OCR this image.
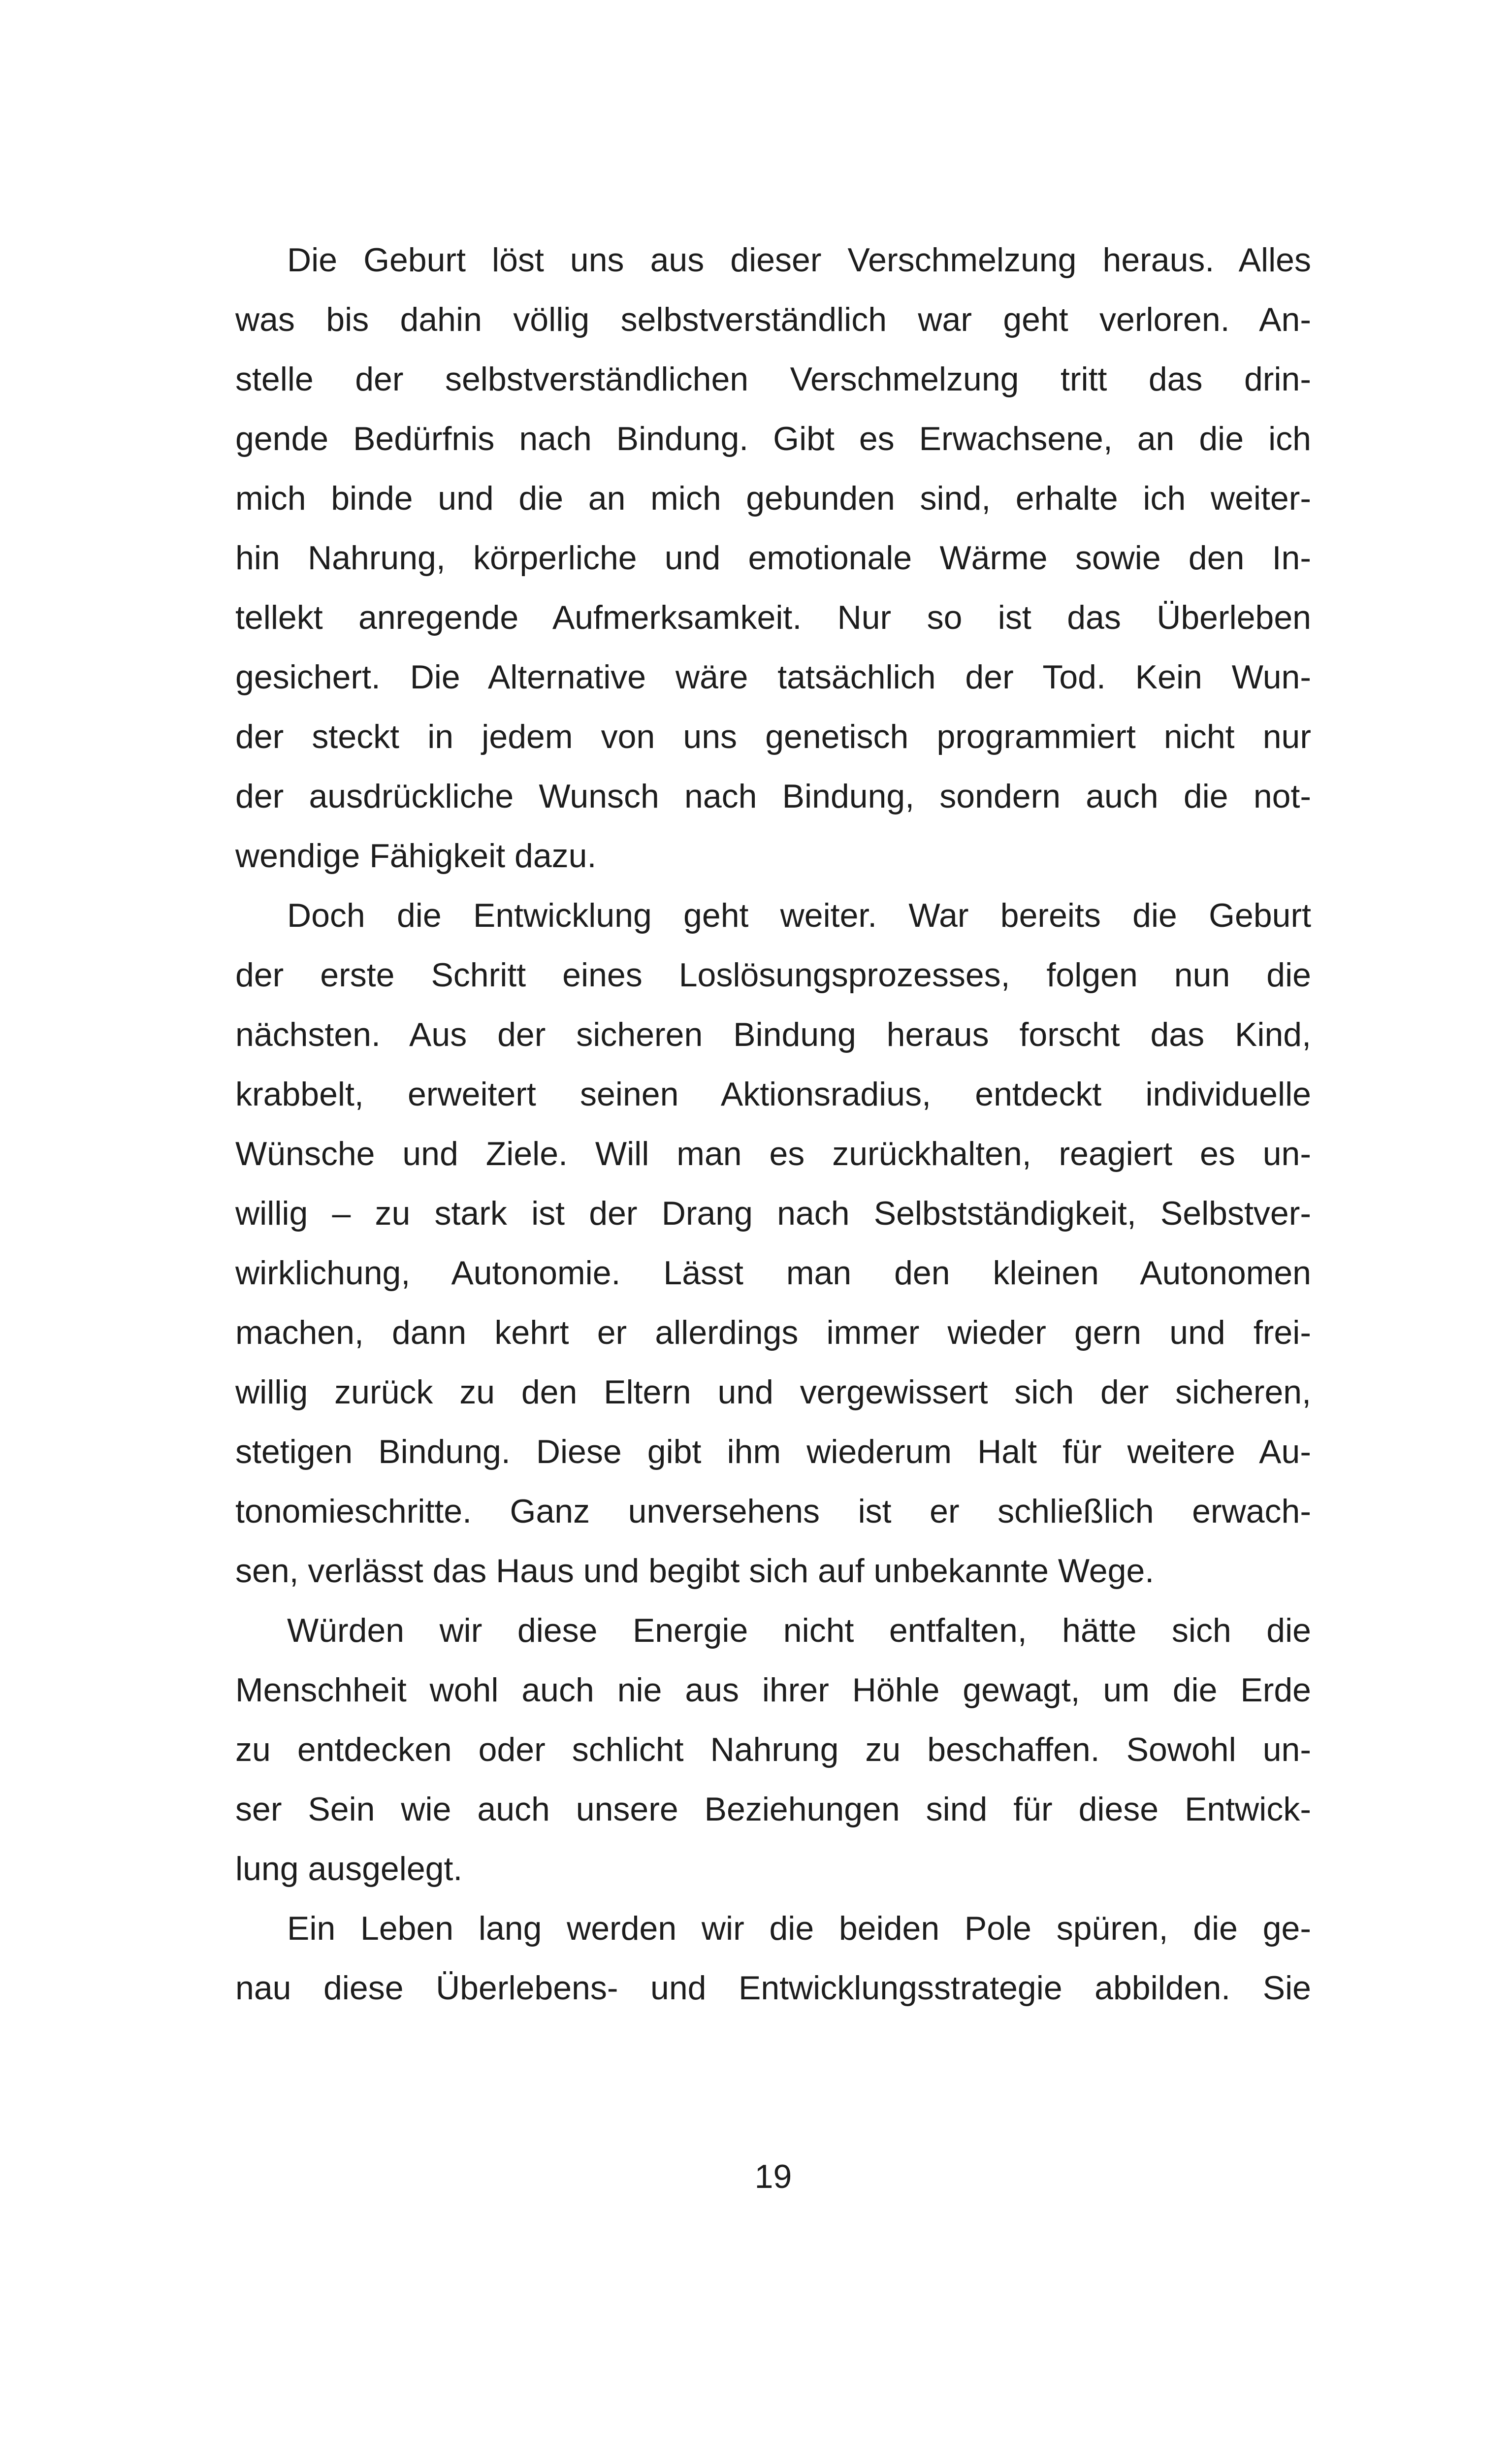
Die Geburt löst uns aus dieser Verschmelzung heraus. Alles
was bis dahin völlig selbstverständlich war geht verloren. An-
stelle der selbstverständlichen Verschmelzung tritt das drin-
gende Bedürfnis nach Bindung. Gibt es Erwachsene, an die ich
mich binde und die an mich gebunden sind, erhalte ich weiter-
hin Nahrung, körperliche und emotionale Wärme sowie den In-
tellekt anregende Aufmerksamkeit. Nur so ist das Überleben
gesichert. Die Alternative wäre tatsächlich der Tod. Kein Wun-
der steckt in jedem von uns genetisch programmiert nicht nur
der ausdrückliche Wunsch nach Bindung, sondern auch die not-
wendige Fähigkeit dazu.
Doch die Entwicklung geht weiter. War bereits die Geburt
der erste Schritt eines Loslösungsprozesses, folgen nun die
nächsten. Aus der sicheren Bindung heraus forscht das Kind,
krabbelt, erweitert seinen Aktionsradius, entdeckt individuelle
Wünsche und Ziele. Will man es zurückhalten, reagiert es un-
willig – zu stark ist der Drang nach Selbstständigkeit, Selbstver-
wirklichung, Autonomie. Lässt man den kleinen Autonomen
machen, dann kehrt er allerdings immer wieder gern und frei-
willig zurück zu den Eltern und vergewissert sich der sicheren,
stetigen Bindung. Diese gibt ihm wiederum Halt für weitere Au-
tonomieschritte. Ganz unversehens ist er schließlich erwach-
sen, verlässt das Haus und begibt sich auf unbekannte Wege.
Würden wir diese Energie nicht entfalten, hätte sich die
Menschheit wohl auch nie aus ihrer Höhle gewagt, um die Erde
zu entdecken oder schlicht Nahrung zu beschaffen. Sowohl un-
ser Sein wie auch unsere Beziehungen sind für diese Entwick-
lung ausgelegt.
Ein Leben lang werden wir die beiden Pole spüren, die ge-
nau diese Überlebens- und Entwicklungsstrategie abbilden. Sie
19
